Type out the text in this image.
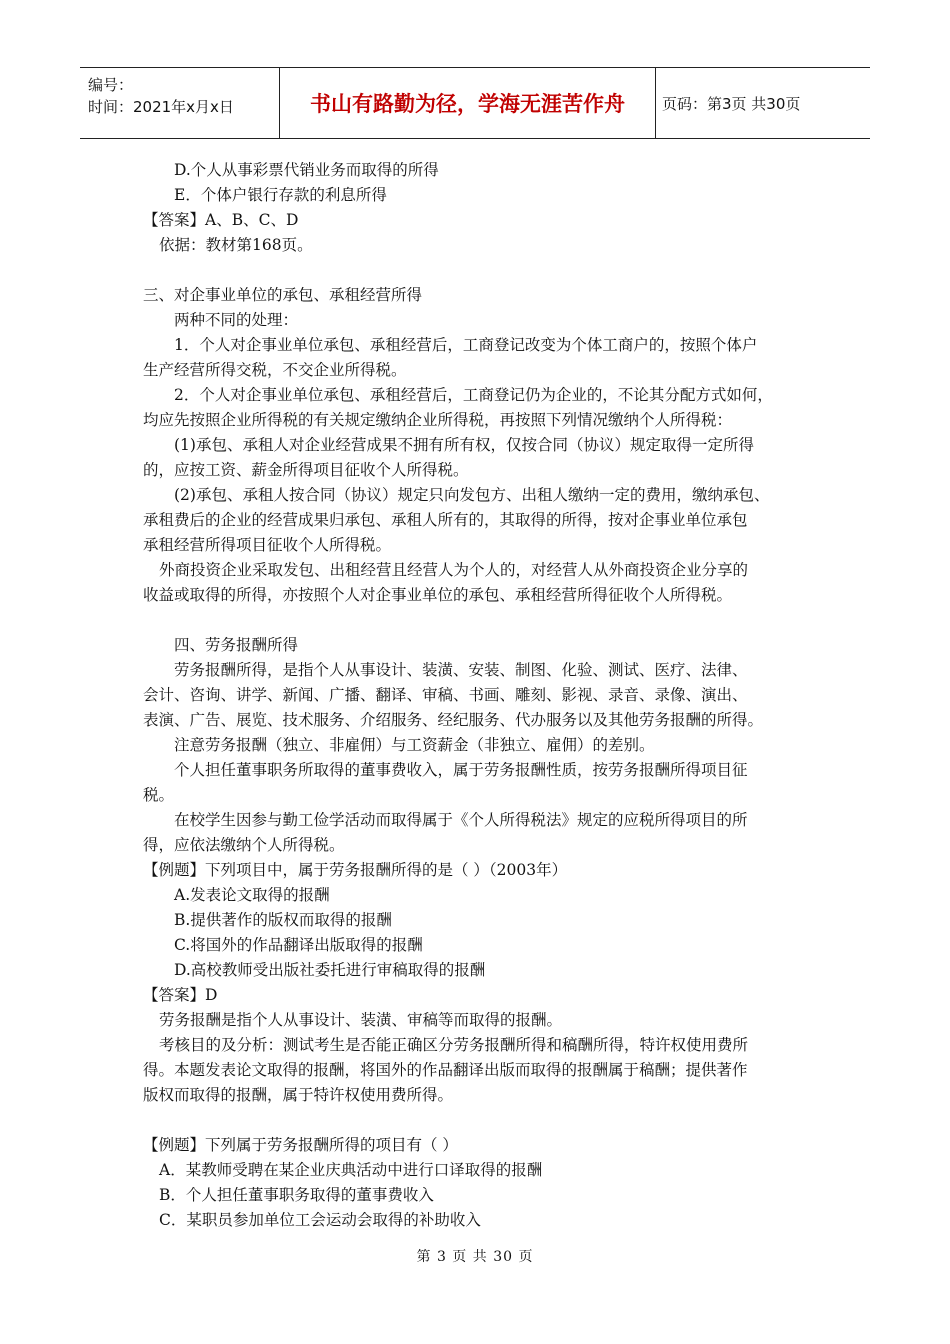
编号：
时间：2021年x月x日	书山有路勤为径，学海无涯苦作舟	页码：第3页 共30页
D.个人从事彩票代销业务而取得的所得
E．个体户银行存款的利息所得
【答案】A、B、C、D
依据：教材第168页。
三、对企事业单位的承包、承租经营所得
两种不同的处理：
1．个人对企事业单位承包、承租经营后，工商登记改变为个体工商户的，按照个体户
生产经营所得交税，不交企业所得税。
2．个人对企事业单位承包、承租经营后，工商登记仍为企业的，不论其分配方式如何，
均应先按照企业所得税的有关规定缴纳企业所得税，再按照下列情况缴纳个人所得税：
(1)承包、承租人对企业经营成果不拥有所有权，仅按合同（协议）规定取得一定所得
的，应按工资、薪金所得项目征收个人所得税。
(2)承包、承租人按合同（协议）规定只向发包方、出租人缴纳一定的费用，缴纳承包、
承租费后的企业的经营成果归承包、承租人所有的，其取得的所得，按对企事业单位承包
承租经营所得项目征收个人所得税。
外商投资企业采取发包、出租经营且经营人为个人的，对经营人从外商投资企业分享的
收益或取得的所得，亦按照个人对企事业单位的承包、承租经营所得征收个人所得税。
四、劳务报酬所得
劳务报酬所得，是指个人从事设计、装潢、安装、制图、化验、测试、医疗、法律、
会计、咨询、讲学、新闻、广播、翻译、审稿、书画、雕刻、影视、录音、录像、演出、
表演、广告、展览、技术服务、介绍服务、经纪服务、代办服务以及其他劳务报酬的所得。
注意劳务报酬（独立、非雇佣）与工资薪金（非独立、雇佣）的差别。
个人担任董事职务所取得的董事费收入，属于劳务报酬性质，按劳务报酬所得项目征
税。
在校学生因参与勤工俭学活动而取得属于《个人所得税法》规定的应税所得项目的所
得，应依法缴纳个人所得税。
【例题】下列项目中，属于劳务报酬所得的是（ ）（2003年）
A.发表论文取得的报酬
B.提供著作的版权而取得的报酬
C.将国外的作品翻译出版取得的报酬
D.高校教师受出版社委托进行审稿取得的报酬
【答案】D
劳务报酬是指个人从事设计、装潢、审稿等而取得的报酬。
考核目的及分析：测试考生是否能正确区分劳务报酬所得和稿酬所得，特许权使用费所
得。本题发表论文取得的报酬，将国外的作品翻译出版而取得的报酬属于稿酬；提供著作
版权而取得的报酬，属于特许权使用费所得。
【例题】下列属于劳务报酬所得的项目有（ ）
A．某教师受聘在某企业庆典活动中进行口译取得的报酬
B．个人担任董事职务取得的董事费收入
C．某职员参加单位工会运动会取得的补助收入
第 3 页 共 30 页
